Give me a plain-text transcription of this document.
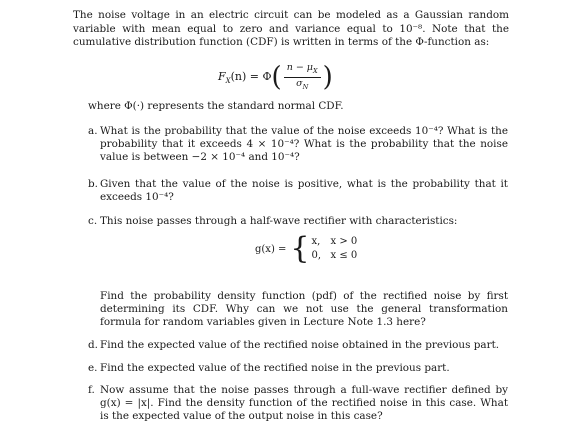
The noise voltage in an electric circuit can be modeled as a Gaussian random variable with mean equal to zero and variance equal to 10⁻⁸. Note that the cumulative distribution function (CDF) is written in terms of the Φ-function as:
$F_X(n) = \Phi$ ( $\frac{n - \mu_X}{\sigma_N}$ )
where Φ(·) represents the standard normal CDF.
a. What is the probability that the value of the noise exceeds 10⁻⁴? What is the probability that it exceeds 4 × 10⁻⁴? What is the probability that the noise value is between −2 × 10⁻⁴ and 10⁻⁴?
b. Given that the value of the noise is positive, what is the probability that it exceeds 10⁻⁴?
c. This noise passes through a half-wave rectifier with characteristics:
g(x) = { x,	x > 0
0, x ≤ 0
Find the probability density function (pdf) of the rectified noise by first determining its CDF. Why can we not use the general transformation formula for random variables given in Lecture Note 1.3 here?
d. Find the expected value of the rectified noise obtained in the previous part.
e. Find the expected value of the rectified noise in the previous part.
f. Now assume that the noise passes through a full-wave rectifier defined by g(x) = |x|. Find the density function of the rectified noise in this case. What is the expected value of the output noise in this case?
